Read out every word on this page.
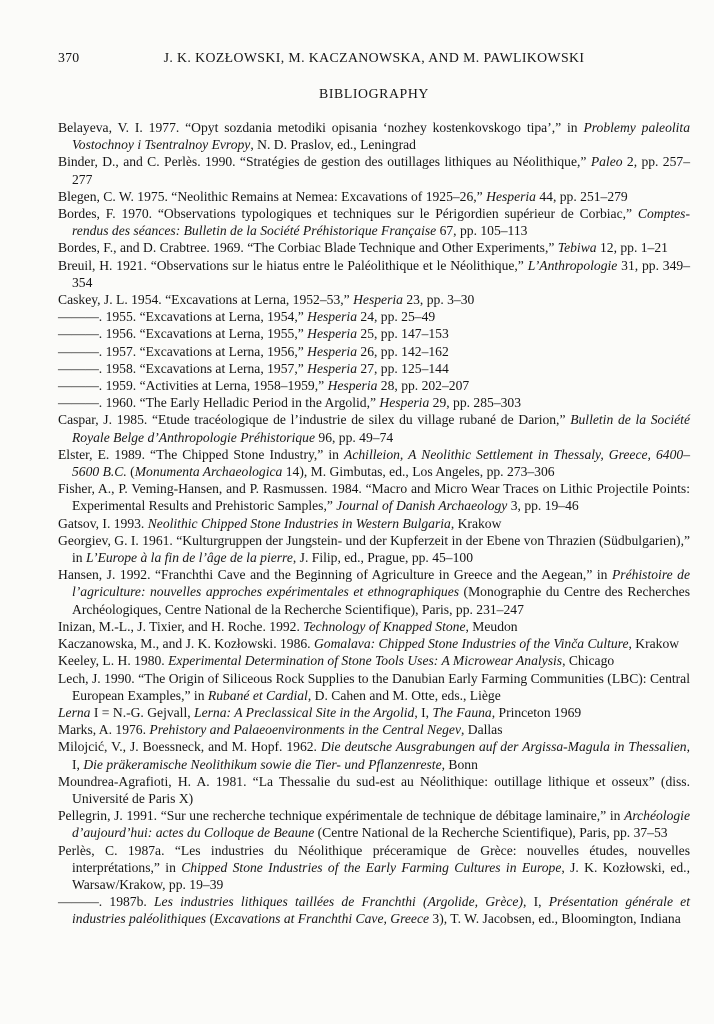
370	J. K. KOZŁOWSKI, M. KACZANOWSKA, AND M. PAWLIKOWSKI
BIBLIOGRAPHY

Belayeva, V. I. 1977. “Opyt sozdania metodiki opisania ‘nozhey kostenkovskogo tipa’,” in Problemy paleolita Vostochnoy i Tsentralnoy Evropy, N. D. Praslov, ed., Leningrad

Binder, D., and C. Perlès. 1990. “Stratégies de gestion des outillages lithiques au Néolithique,” Paleo 2, pp. 257–277

Blegen, C. W. 1975. “Neolithic Remains at Nemea: Excavations of 1925–26,” Hesperia 44, pp. 251–279

Bordes, F. 1970. “Observations typologiques et techniques sur le Périgordien supérieur de Corbiac,” Comptes-rendus des séances: Bulletin de la Société Préhistorique Française 67, pp. 105–113

Bordes, F., and D. Crabtree. 1969. “The Corbiac Blade Technique and Other Experiments,” Tebiwa 12, pp. 1–21

Breuil, H. 1921. “Observations sur le hiatus entre le Paléolithique et le Néolithique,” L’Anthropologie 31, pp. 349–354

Caskey, J. L. 1954. “Excavations at Lerna, 1952–53,” Hesperia 23, pp. 3–30

———. 1955. “Excavations at Lerna, 1954,” Hesperia 24, pp. 25–49

———. 1956. “Excavations at Lerna, 1955,” Hesperia 25, pp. 147–153

———. 1957. “Excavations at Lerna, 1956,” Hesperia 26, pp. 142–162

———. 1958. “Excavations at Lerna, 1957,” Hesperia 27, pp. 125–144

———. 1959. “Activities at Lerna, 1958–1959,” Hesperia 28, pp. 202–207

———. 1960. “The Early Helladic Period in the Argolid,” Hesperia 29, pp. 285–303

Caspar, J. 1985. “Etude tracéologique de l’industrie de silex du village rubané de Darion,” Bulletin de la Société Royale Belge d’Anthropologie Préhistorique 96, pp. 49–74

Elster, E. 1989. “The Chipped Stone Industry,” in Achilleion, A Neolithic Settlement in Thessaly, Greece, 6400–5600 B.C. (Monumenta Archaeologica 14), M. Gimbutas, ed., Los Angeles, pp. 273–306

Fisher, A., P. Veming-Hansen, and P. Rasmussen. 1984. “Macro and Micro Wear Traces on Lithic Projectile Points: Experimental Results and Prehistoric Samples,” Journal of Danish Archaeology 3, pp. 19–46

Gatsov, I. 1993. Neolithic Chipped Stone Industries in Western Bulgaria, Krakow

Georgiev, G. I. 1961. “Kulturgruppen der Jungstein- und der Kupferzeit in der Ebene von Thrazien (Südbulgarien),” in L’Europe à la fin de l’âge de la pierre, J. Filip, ed., Prague, pp. 45–100

Hansen, J. 1992. “Franchthi Cave and the Beginning of Agriculture in Greece and the Aegean,” in Préhistoire de l’agriculture: nouvelles approches expérimentales et ethnographiques (Monographie du Centre des Recherches Archéologiques, Centre National de la Recherche Scientifique), Paris, pp. 231–247

Inizan, M.-L., J. Tixier, and H. Roche. 1992. Technology of Knapped Stone, Meudon

Kaczanowska, M., and J. K. Kozłowski. 1986. Gomalava: Chipped Stone Industries of the Vinča Culture, Krakow

Keeley, L. H. 1980. Experimental Determination of Stone Tools Uses: A Microwear Analysis, Chicago

Lech, J. 1990. “The Origin of Siliceous Rock Supplies to the Danubian Early Farming Communities (LBC): Central European Examples,” in Rubané et Cardial, D. Cahen and M. Otte, eds., Liège

Lerna I = N.-G. Gejvall, Lerna: A Preclassical Site in the Argolid, I, The Fauna, Princeton 1969

Marks, A. 1976. Prehistory and Palaeoenvironments in the Central Negev, Dallas

Milojcić, V., J. Boessneck, and M. Hopf. 1962. Die deutsche Ausgrabungen auf der Argissa-Magula in Thessalien, I, Die präkeramische Neolithikum sowie die Tier- und Pflanzenreste, Bonn

Moundrea-Agrafioti, H. A. 1981. “La Thessalie du sud-est au Néolithique: outillage lithique et osseux” (diss. Université de Paris X)

Pellegrin, J. 1991. “Sur une recherche technique expérimentale de technique de débitage laminaire,” in Archéologie d’aujourd’hui: actes du Colloque de Beaune (Centre National de la Recherche Scientifique), Paris, pp. 37–53

Perlès, C. 1987a. “Les industries du Néolithique préceramique de Grèce: nouvelles études, nouvelles interprétations,” in Chipped Stone Industries of the Early Farming Cultures in Europe, J. K. Kozłowski, ed., Warsaw/Krakow, pp. 19–39

———. 1987b. Les industries lithiques taillées de Franchthi (Argolide, Grèce), I, Présentation générale et industries paléolithiques (Excavations at Franchthi Cave, Greece 3), T. W. Jacobsen, ed., Bloomington, Indiana
